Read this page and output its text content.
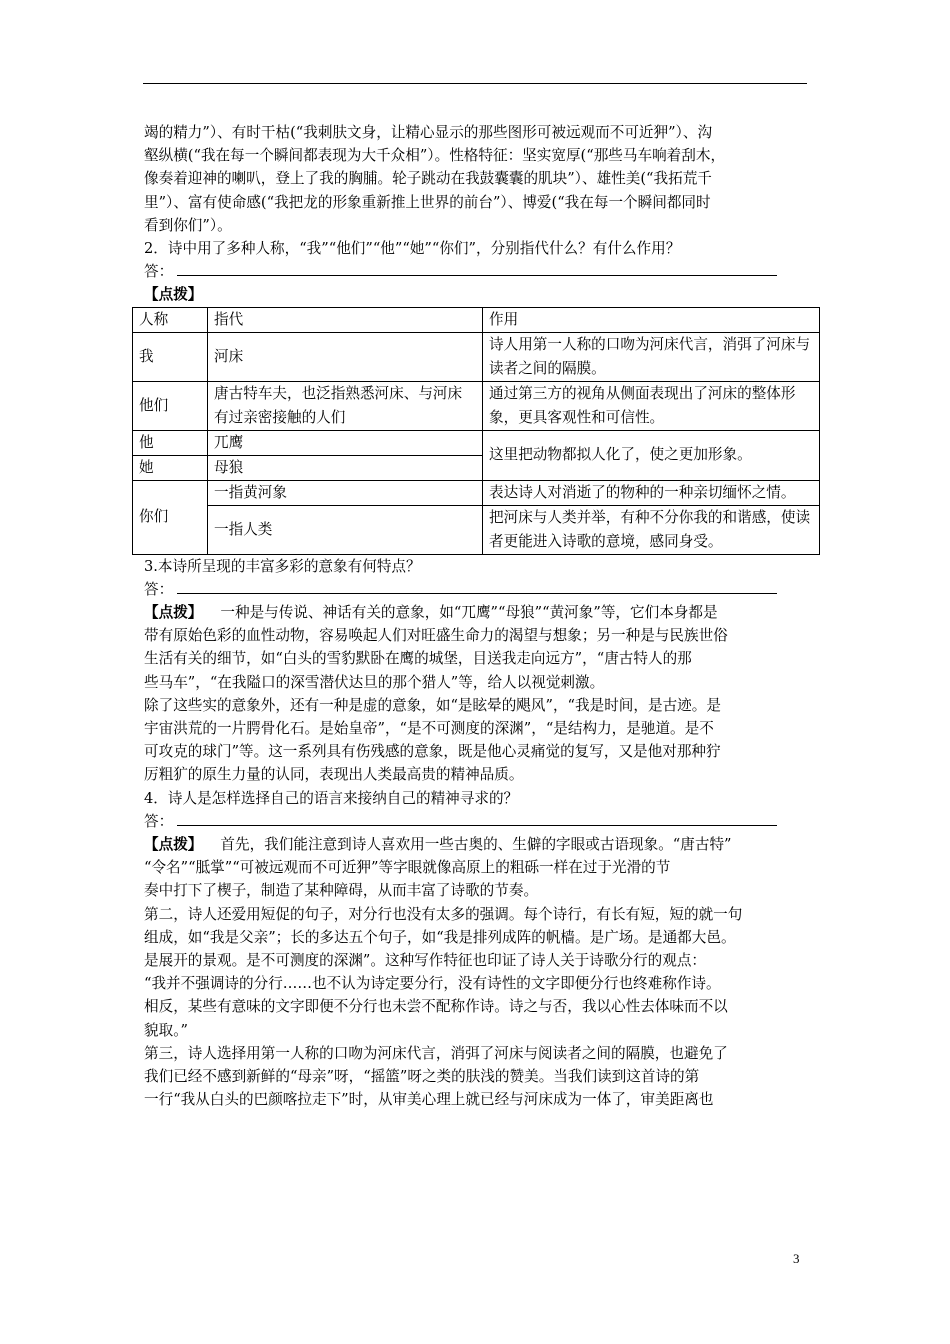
竭的精力”）、有时干枯(“我刺肤文身，让精心显示的那些图形可被远观而不可近狎”）、沟

壑纵横(“我在每一个瞬间都表现为大千众相”）。性格特征：坚实宽厚(“那些马车响着刮木，

像奏着迎神的喇叭，登上了我的胸脯。轮子跳动在我鼓囊囊的肌块”）、雄性美(“我拓荒千

里”）、富有使命感(“我把龙的形象重新推上世界的前台”）、博爱(“我在每一个瞬间都同时

看到你们”）。

2．诗中用了多种人称，“我”“他们”“他”“她”“你们”，分别指代什么？有什么作用？

答：

【点拨】

人称	指代	作用
我	河床	诗人用第一人称的口吻为河床代言，消弭了河床与读者之间的隔膜。
他们	唐古特车夫，也泛指熟悉河床、与河床有过亲密接触的人们	通过第三方的视角从侧面表现出了河床的整体形象，更具客观性和可信性。
他	兀鹰	这里把动物都拟人化了，使之更加形象。
她	母狼	
你们	一指黄河象	表达诗人对消逝了的物种的一种亲切缅怀之情。
	一指人类	把河床与人类并举，有种不分你我的和谐感，使读者更能进入诗歌的意境，感同身受。

3.本诗所呈现的丰富多彩的意象有何特点？

答：

【点拨】 一种是与传说、神话有关的意象，如“兀鹰”“母狼”“黄河象”等，它们本身都是

带有原始色彩的血性动物，容易唤起人们对旺盛生命力的渴望与想象；另一种是与民族世俗

生活有关的细节，如“白头的雪豹默卧在鹰的城堡，目送我走向远方”，“唐古特人的那

些马车”，“在我隘口的深雪潜伏达旦的那个猎人”等，给人以视觉刺激。

除了这些实的意象外，还有一种是虚的意象，如“是眩晕的飓风”，“我是时间，是古迹。是

宇宙洪荒的一片腭骨化石。是始皇帝”，“是不可测度的深渊”，“是结构力，是驰道。是不

可攻克的球门”等。这一系列具有伤残感的意象，既是他心灵痛觉的复写，又是他对那种狞

厉粗犷的原生力量的认同，表现出人类最高贵的精神品质。

4．诗人是怎样选择自己的语言来接纳自己的精神寻求的？

答：

【点拨】 首先，我们能注意到诗人喜欢用一些古奥的、生僻的字眼或古语现象。“唐古特”

“令名”“胝掌”“可被远观而不可近狎”等字眼就像高原上的粗砾一样在过于光滑的节

奏中打下了楔子，制造了某种障碍，从而丰富了诗歌的节奏。

第二，诗人还爱用短促的句子，对分行也没有太多的强调。每个诗行，有长有短，短的就一句

组成，如“我是父亲”；长的多达五个句子，如“我是排列成阵的帆樯。是广场。是通都大邑。

是展开的景观。是不可测度的深渊”。这种写作特征也印证了诗人关于诗歌分行的观点：

“我并不强调诗的分行……也不认为诗定要分行，没有诗性的文字即便分行也终难称作诗。

相反，某些有意味的文字即便不分行也未尝不配称作诗。诗之与否，我以心性去体味而不以

貌取。”

第三，诗人选择用第一人称的口吻为河床代言，消弭了河床与阅读者之间的隔膜，也避免了

我们已经不感到新鲜的“母亲”呀，“摇篮”呀之类的肤浅的赞美。当我们读到这首诗的第

一行“我从白头的巴颜喀拉走下”时，从审美心理上就已经与河床成为一体了，审美距离也

3
